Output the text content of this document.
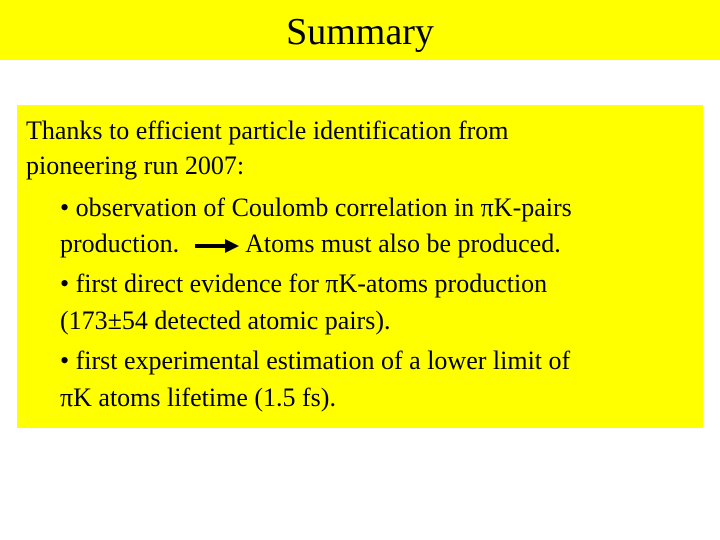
Summary
Thanks to efficient particle identification from
pioneering run 2007:
• observation of Coulomb correlation in πK-pairs
production.	Atoms must also be produced.
• first direct evidence for πK-atoms production
(173±54 detected atomic pairs).
• first experimental estimation of a lower limit of
πK atoms lifetime (1.5 fs).
